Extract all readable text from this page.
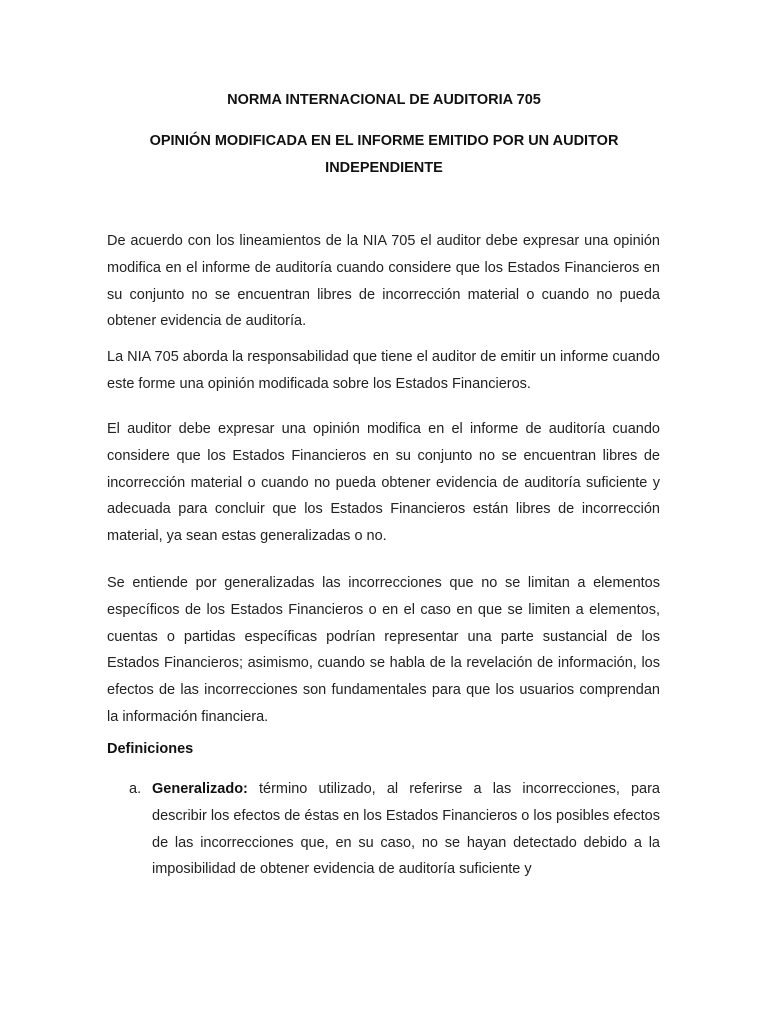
NORMA INTERNACIONAL DE AUDITORIA 705
OPINIÓN MODIFICADA EN EL INFORME EMITIDO POR UN AUDITOR INDEPENDIENTE

De acuerdo con los lineamientos de la NIA 705 el auditor debe expresar una opinión modifica en el informe de auditoría cuando considere que los Estados Financieros en su conjunto no se encuentran libres de incorrección material o cuando no pueda obtener evidencia de auditoría.

La NIA 705 aborda la responsabilidad que tiene el auditor de emitir un informe cuando este forme una opinión modificada sobre los Estados Financieros.

El auditor debe expresar una opinión modifica en el informe de auditoría cuando considere que los Estados Financieros en su conjunto no se encuentran libres de incorrección material o cuando no pueda obtener evidencia de auditoría suficiente y adecuada para concluir que los Estados Financieros están libres de incorrección material, ya sean estas generalizadas o no.

Se entiende por generalizadas las incorrecciones que no se limitan a elementos específicos de los Estados Financieros o en el caso en que se limiten a elementos, cuentas o partidas específicas podrían representar una parte sustancial de los Estados Financieros; asimismo, cuando se habla de la revelación de información, los efectos de las incorrecciones son fundamentales para que los usuarios comprendan la información financiera.

Definiciones
a. Generalizado: término utilizado, al referirse a las incorrecciones, para describir los efectos de éstas en los Estados Financieros o los posibles efectos de las incorrecciones que, en su caso, no se hayan detectado debido a la imposibilidad de obtener evidencia de auditoría suficiente y
